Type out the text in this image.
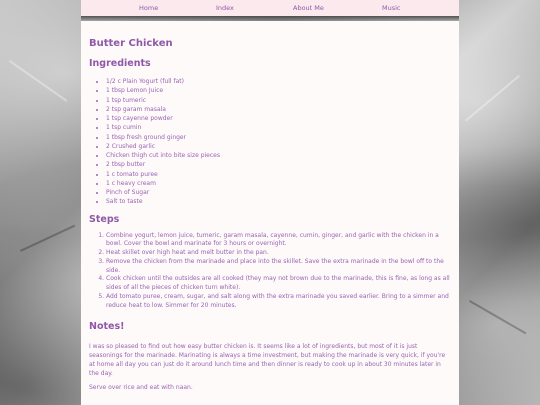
Home	Index	About Me	Music
Butter Chicken
Ingredients
• 1/2 c Plain Yogurt (full fat)
• 1 tbsp Lemon Juice
• 1 tsp tumeric
• 2 tsp garam masala
• 1 tsp cayenne powder
• 1 tsp cumin
• 1 tbsp fresh ground ginger
• 2 Crushed garlic
• Chicken thigh cut into bite size pieces
• 2 tbsp butter
• 1 c tomato puree
• 1 c heavy cream
• Pinch of Sugar
• Salt to taste
Steps
1. Combine yogurt, lemon juice, tumeric, garam masala, cayenne, cumin, ginger, and garlic with the chicken in a bowl. Cover the bowl and marinate for 3 hours or overnight.
2. Heat skillet over high heat and melt butter in the pan.
3. Remove the chicken from the marinade and place into the skillet. Save the extra marinade in the bowl off to the side.
4. Cook chicken until the outsides are all cooked (they may not brown due to the marinade, this is fine, as long as all sides of all the pieces of chicken turn white).
5. Add tomato puree, cream, sugar, and salt along with the extra marinade you saved earlier. Bring to a simmer and reduce heat to low. Simmer for 20 minutes.
Notes!

I was so pleased to find out how easy butter chicken is. It seems like a lot of ingredients, but most of it is just seasonings for the marinade. Marinating is always a time investment, but making the marinade is very quick, if you're at home all day you can just do it around lunch time and then dinner is ready to cook up in about 30 minutes later in the day.

Serve over rice and eat with naan.
